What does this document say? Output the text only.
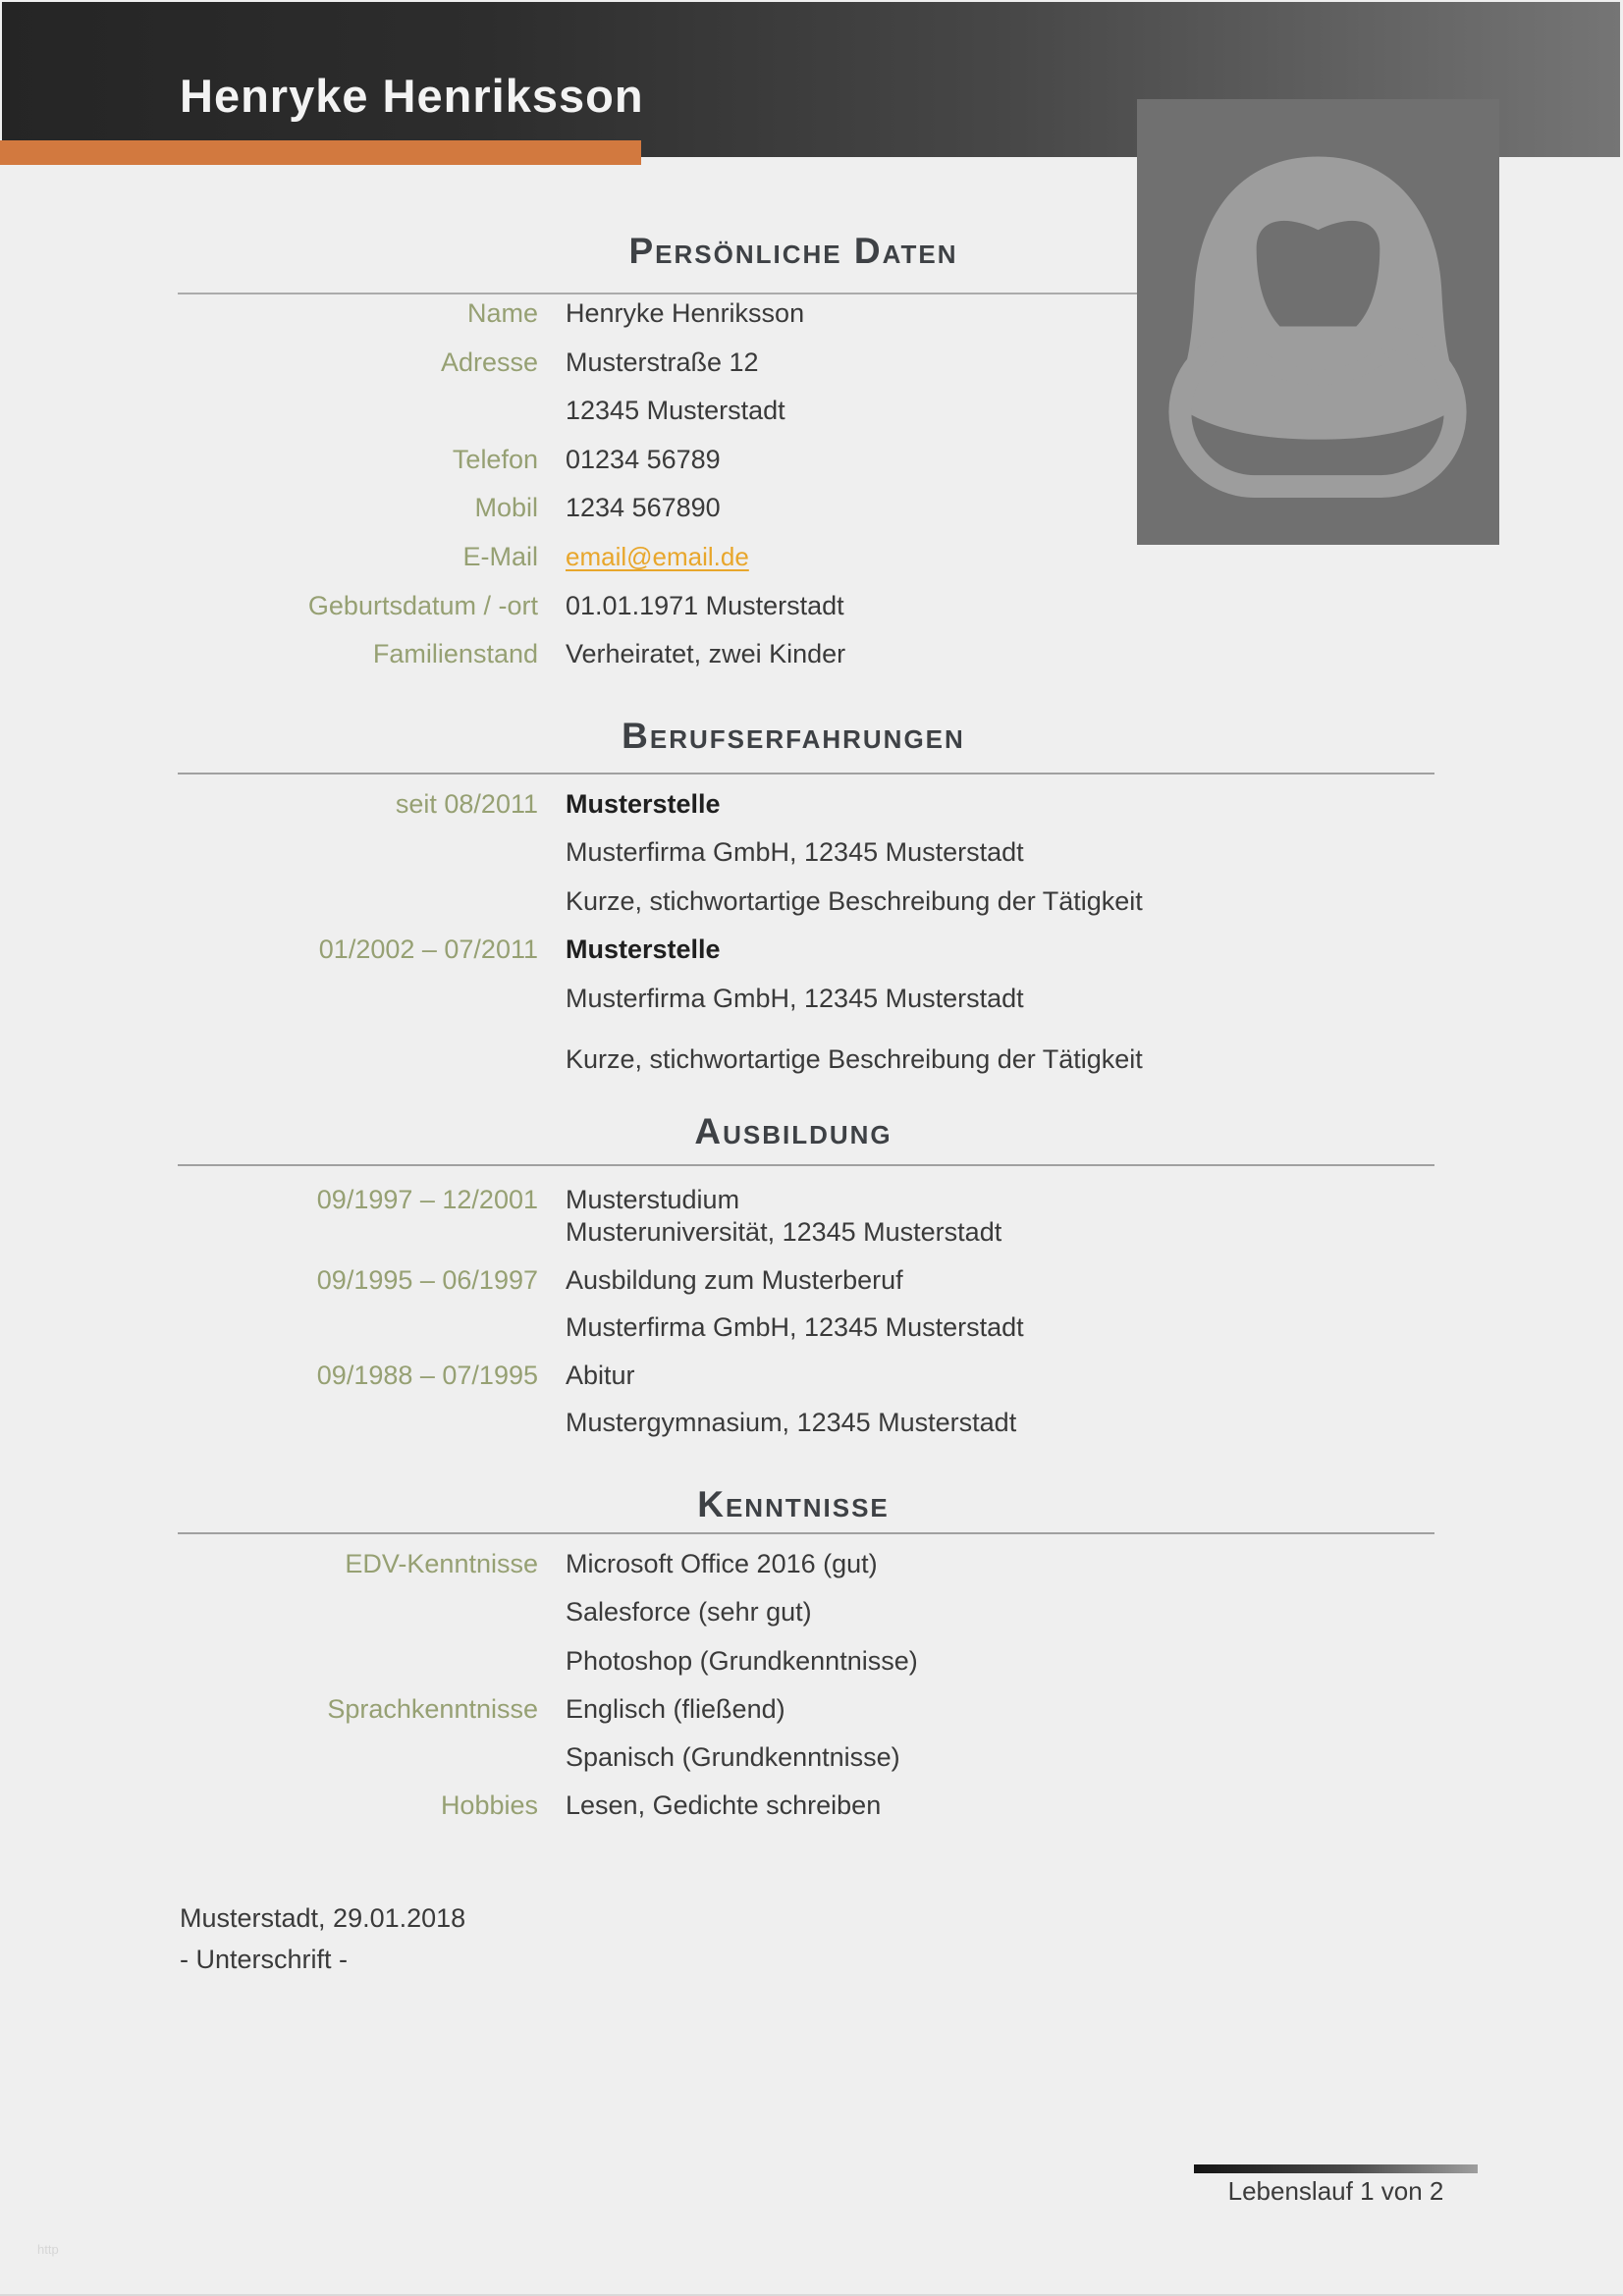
Henryke Henriksson
Persönliche Daten
Name Henryke Henriksson
Adresse Musterstraße 12
12345 Musterstadt
Telefon 01234 56789
Mobil 1234 567890
E-Mail email@email.de
Geburtsdatum / -ort 01.01.1971 Musterstadt
Familienstand Verheiratet, zwei Kinder
Berufserfahrungen
seit 08/2011 Musterstelle
Musterfirma GmbH, 12345 Musterstadt
Kurze, stichwortartige Beschreibung der Tätigkeit
01/2002 – 07/2011 Musterstelle
Musterfirma GmbH, 12345 Musterstadt
Kurze, stichwortartige Beschreibung der Tätigkeit
Ausbildung
09/1997 – 12/2001 Musterstudium
Musteruniversität, 12345 Musterstadt
09/1995 – 06/1997 Ausbildung zum Musterberuf
Musterfirma GmbH, 12345 Musterstadt
09/1988 – 07/1995 Abitur
Mustergymnasium, 12345 Musterstadt
Kenntnisse
EDV-Kenntnisse Microsoft Office 2016 (gut)
Salesforce (sehr gut)
Photoshop (Grundkenntnisse)
Sprachkenntnisse Englisch (fließend)
Spanisch (Grundkenntnisse)
Hobbies Lesen, Gedichte schreiben
Musterstadt, 29.01.2018
- Unterschrift -
Lebenslauf 1 von 2
http
